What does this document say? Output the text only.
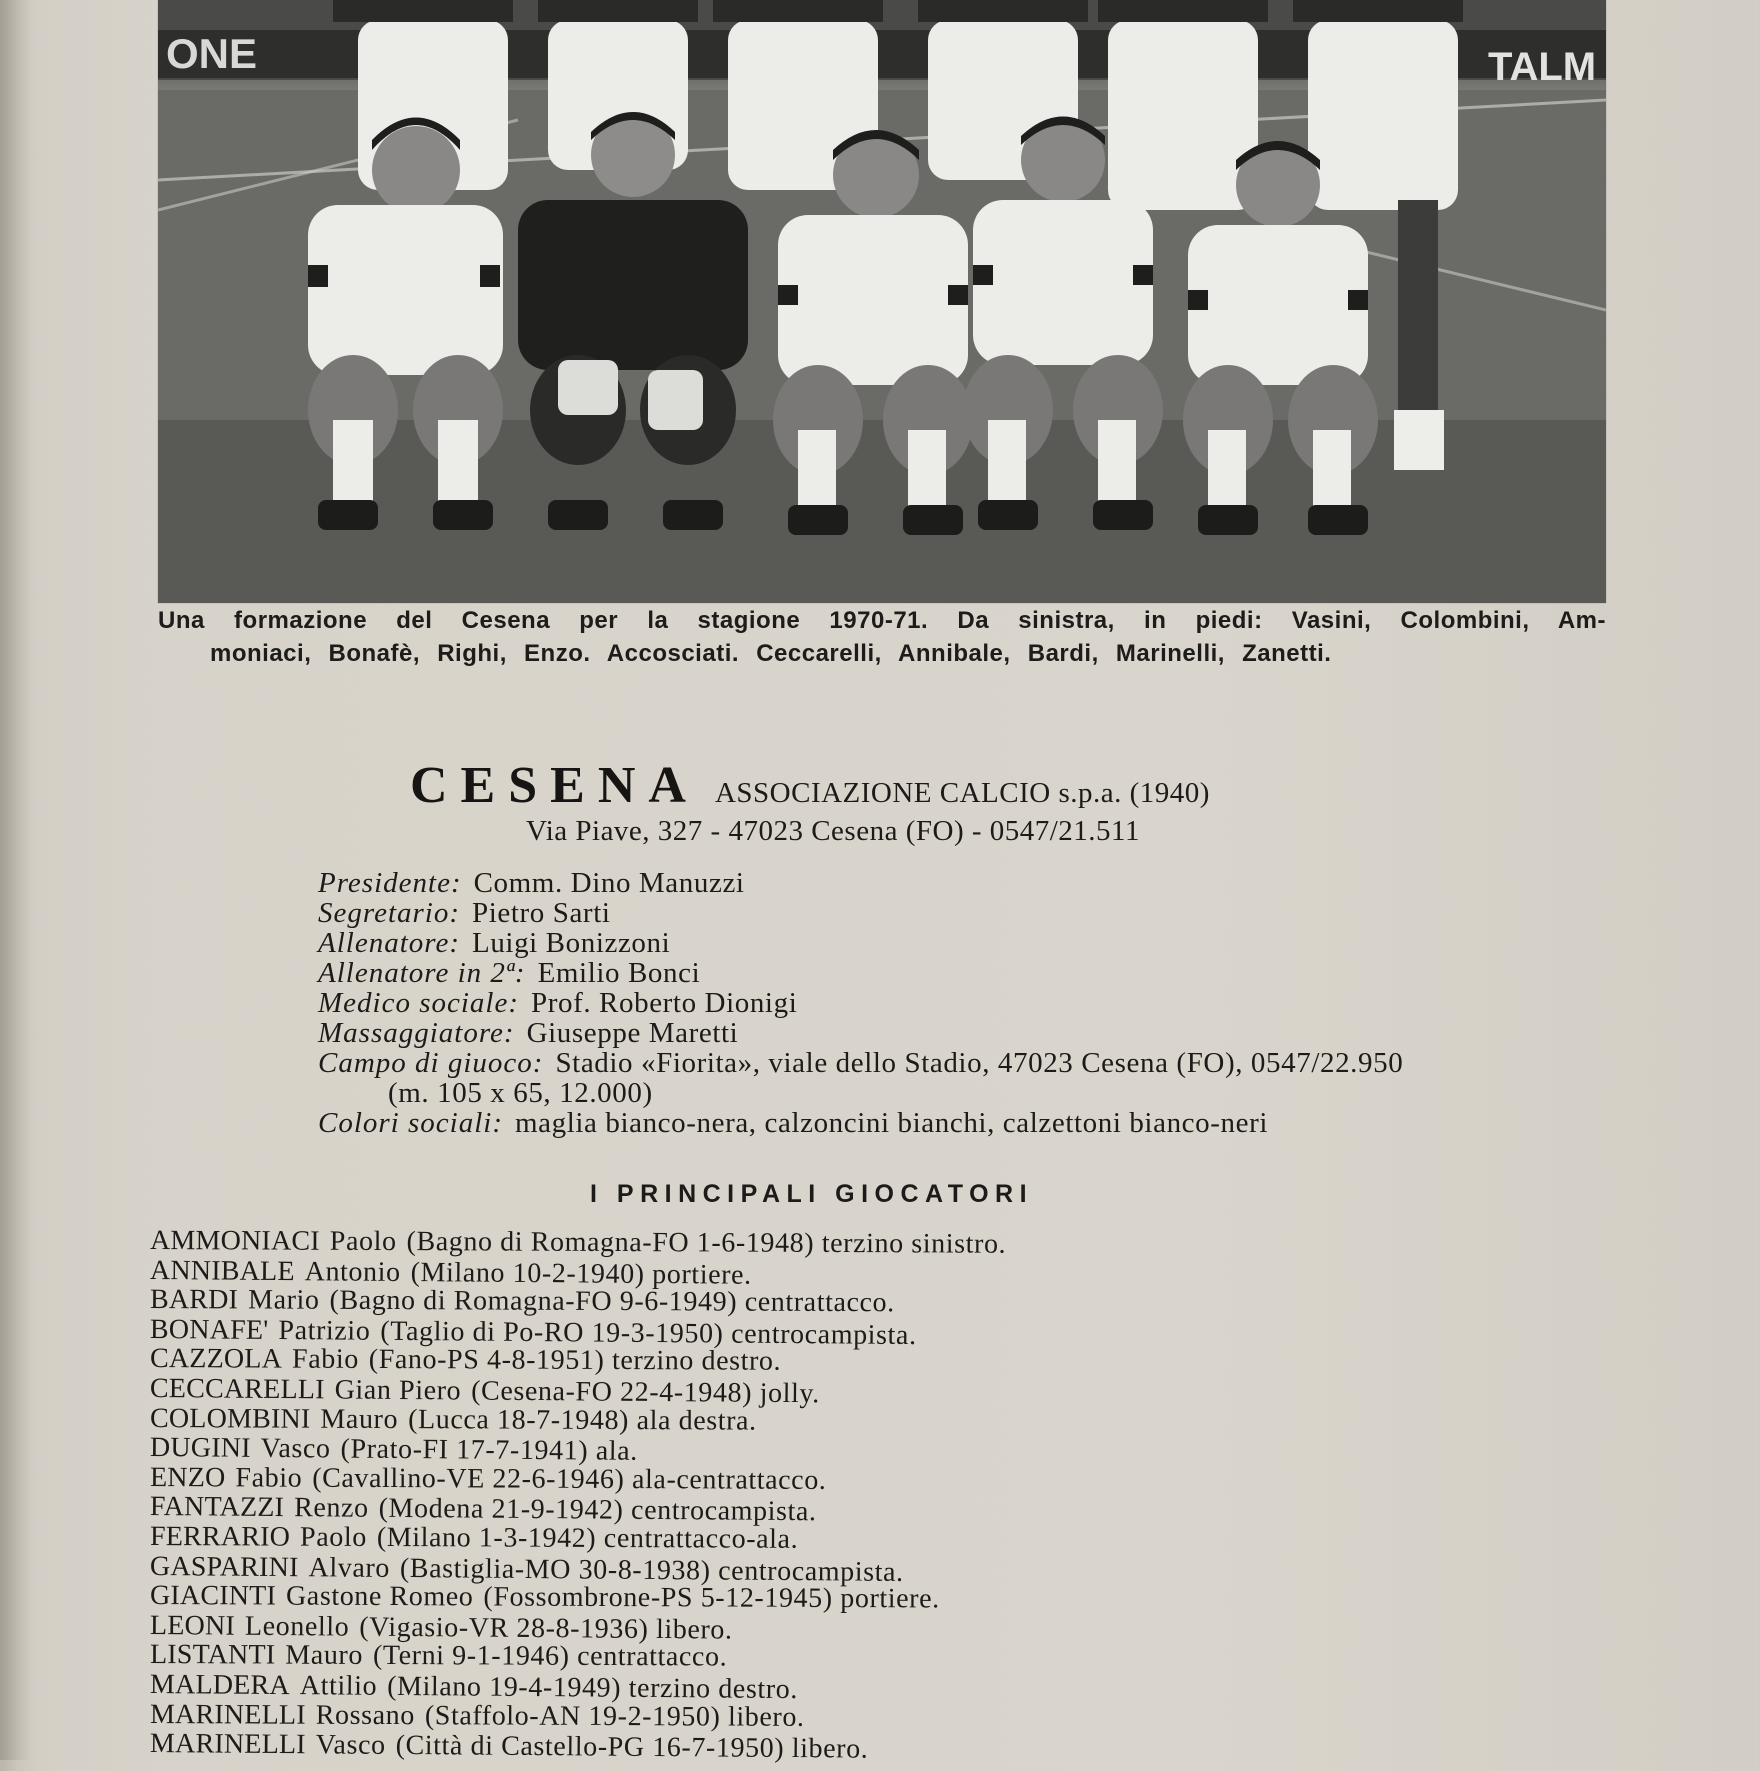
ONE	TALM
Una formazione del Cesena per la stagione 1970-71. Da sinistra, in piedi: Vasini, Colombini, Am-
moniaci, Bonafè, Righi, Enzo. Accosciati. Ceccarelli, Annibale, Bardi, Marinelli, Zanetti.
CESENA ASSOCIAZIONE CALCIO s.p.a. (1940)
Via Piave, 327 - 47023 Cesena (FO) - 0547/21.511
Presidente: Comm. Dino Manuzzi
Segretario: Pietro Sarti
Allenatore: Luigi Bonizzoni
Allenatore in 2ª: Emilio Bonci
Medico sociale: Prof. Roberto Dionigi
Massaggiatore: Giuseppe Maretti
Campo di giuoco: Stadio «Fiorita», viale dello Stadio, 47023 Cesena (FO), 0547/22.950
(m. 105 x 65, 12.000)
Colori sociali: maglia bianco-nera, calzoncini bianchi, calzettoni bianco-neri
I PRINCIPALI GIOCATORI
AMMONIACI Paolo (Bagno di Romagna-FO 1-6-1948) terzino sinistro.
ANNIBALE Antonio (Milano 10-2-1940) portiere.
BARDI Mario (Bagno di Romagna-FO 9-6-1949) centrattacco.
BONAFE' Patrizio (Taglio di Po-RO 19-3-1950) centrocampista.
CAZZOLA Fabio (Fano-PS 4-8-1951) terzino destro.
CECCARELLI Gian Piero (Cesena-FO 22-4-1948) jolly.
COLOMBINI Mauro (Lucca 18-7-1948) ala destra.
DUGINI Vasco (Prato-FI 17-7-1941) ala.
ENZO Fabio (Cavallino-VE 22-6-1946) ala-centrattacco.
FANTAZZI Renzo (Modena 21-9-1942) centrocampista.
FERRARIO Paolo (Milano 1-3-1942) centrattacco-ala.
GASPARINI Alvaro (Bastiglia-MO 30-8-1938) centrocampista.
GIACINTI Gastone Romeo (Fossombrone-PS 5-12-1945) portiere.
LEONI Leonello (Vigasio-VR 28-8-1936) libero.
LISTANTI Mauro (Terni 9-1-1946) centrattacco.
MALDERA Attilio (Milano 19-4-1949) terzino destro.
MARINELLI Rossano (Staffolo-AN 19-2-1950) libero.
MARINELLI Vasco (Città di Castello-PG 16-7-1950) libero.
